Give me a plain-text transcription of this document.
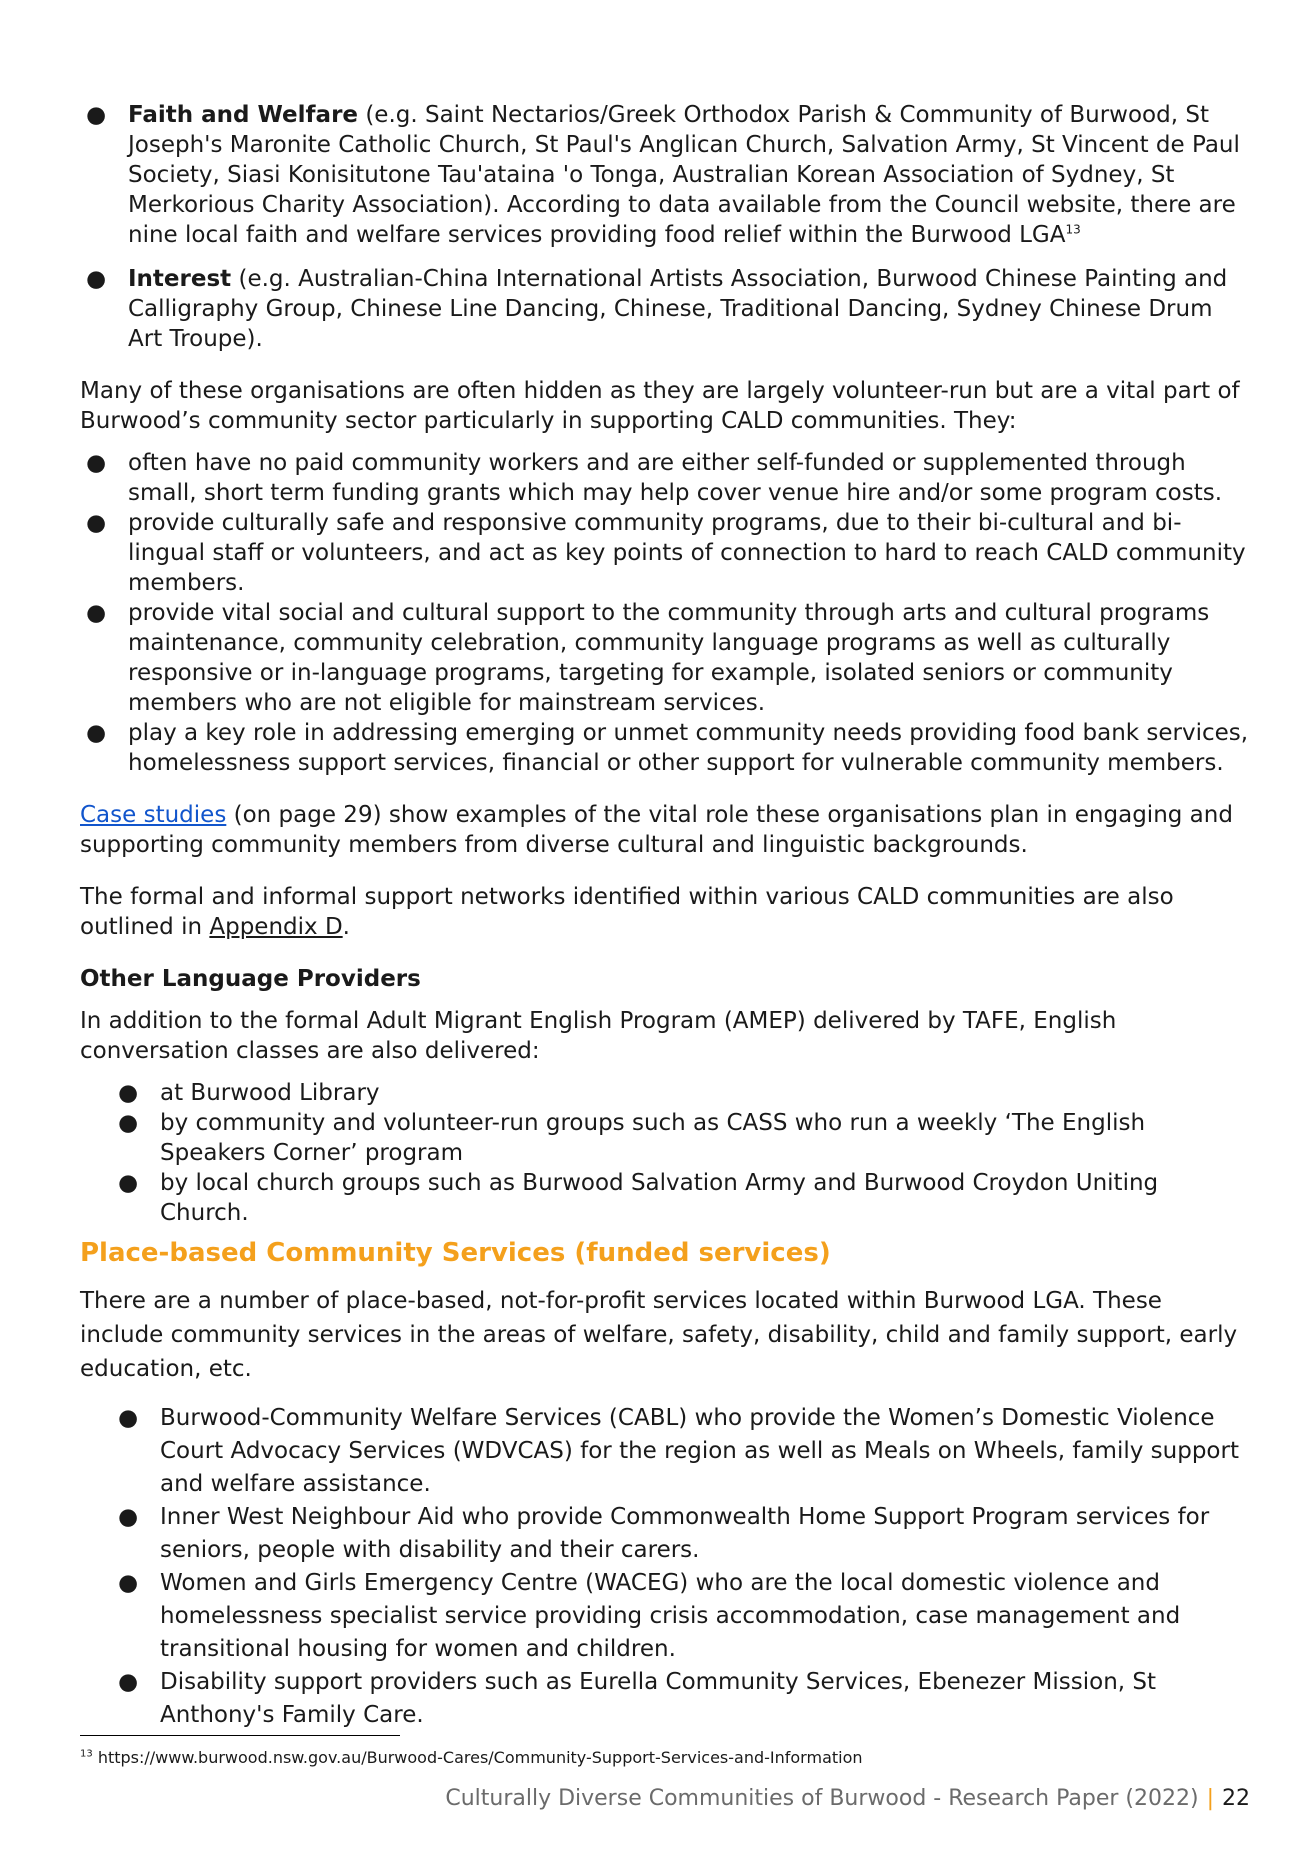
● Faith and Welfare (e.g. Saint Nectarios/Greek Orthodox Parish & Community of Burwood, St Joseph's Maronite Catholic Church, St Paul's Anglican Church, Salvation Army, St Vincent de Paul Society, Siasi Konisitutone Tau'ataina 'o Tonga, Australian Korean Association of Sydney, St Merkorious Charity Association). According to data available from the Council website, there are nine local faith and welfare services providing food relief within the Burwood LGA$^{13}$
● Interest (e.g. Australian-China International Artists Association, Burwood Chinese Painting and Calligraphy Group, Chinese Line Dancing, Chinese, Traditional Dancing, Sydney Chinese Drum Art Troupe).

Many of these organisations are often hidden as they are largely volunteer-run but are a vital part of Burwood’s community sector particularly in supporting CALD communities. They:

● often have no paid community workers and are either self-funded or supplemented through small, short term funding grants which may help cover venue hire and/or some program costs.
● provide culturally safe and responsive community programs, due to their bi-cultural and bi-lingual staff or volunteers, and act as key points of connection to hard to reach CALD community members.
● provide vital social and cultural support to the community through arts and cultural programs maintenance, community celebration, community language programs as well as culturally responsive or in-language programs, targeting for example, isolated seniors or community members who are not eligible for mainstream services.
● play a key role in addressing emerging or unmet community needs providing food bank services, homelessness support services, financial or other support for vulnerable community members.

Case studies (on page 29) show examples of the vital role these organisations plan in engaging and supporting community members from diverse cultural and linguistic backgrounds.

The formal and informal support networks identified within various CALD communities are also outlined in Appendix D.

Other Language Providers

In addition to the formal Adult Migrant English Program (AMEP) delivered by TAFE, English conversation classes are also delivered:

● at Burwood Library
● by community and volunteer-run groups such as CASS who run a weekly ‘The English Speakers Corner’ program
● by local church groups such as Burwood Salvation Army and Burwood Croydon Uniting Church.

Place-based Community Services (funded services)

There are a number of place-based, not-for-profit services located within Burwood LGA. These include community services in the areas of welfare, safety, disability, child and family support, early education, etc.

● Burwood-Community Welfare Services (CABL) who provide the Women’s Domestic Violence Court Advocacy Services (WDVCAS) for the region as well as Meals on Wheels, family support and welfare assistance.
● Inner West Neighbour Aid who provide Commonwealth Home Support Program services for seniors, people with disability and their carers.
● Women and Girls Emergency Centre (WACEG) who are the local domestic violence and homelessness specialist service providing crisis accommodation, case management and transitional housing for women and children.
● Disability support providers such as Eurella Community Services, Ebenezer Mission, St Anthony's Family Care.
$^{13}$ https://www.burwood.nsw.gov.au/Burwood-Cares/Community-Support-Services-and-Information
Culturally Diverse Communities of Burwood - Research Paper (2022) | 22
